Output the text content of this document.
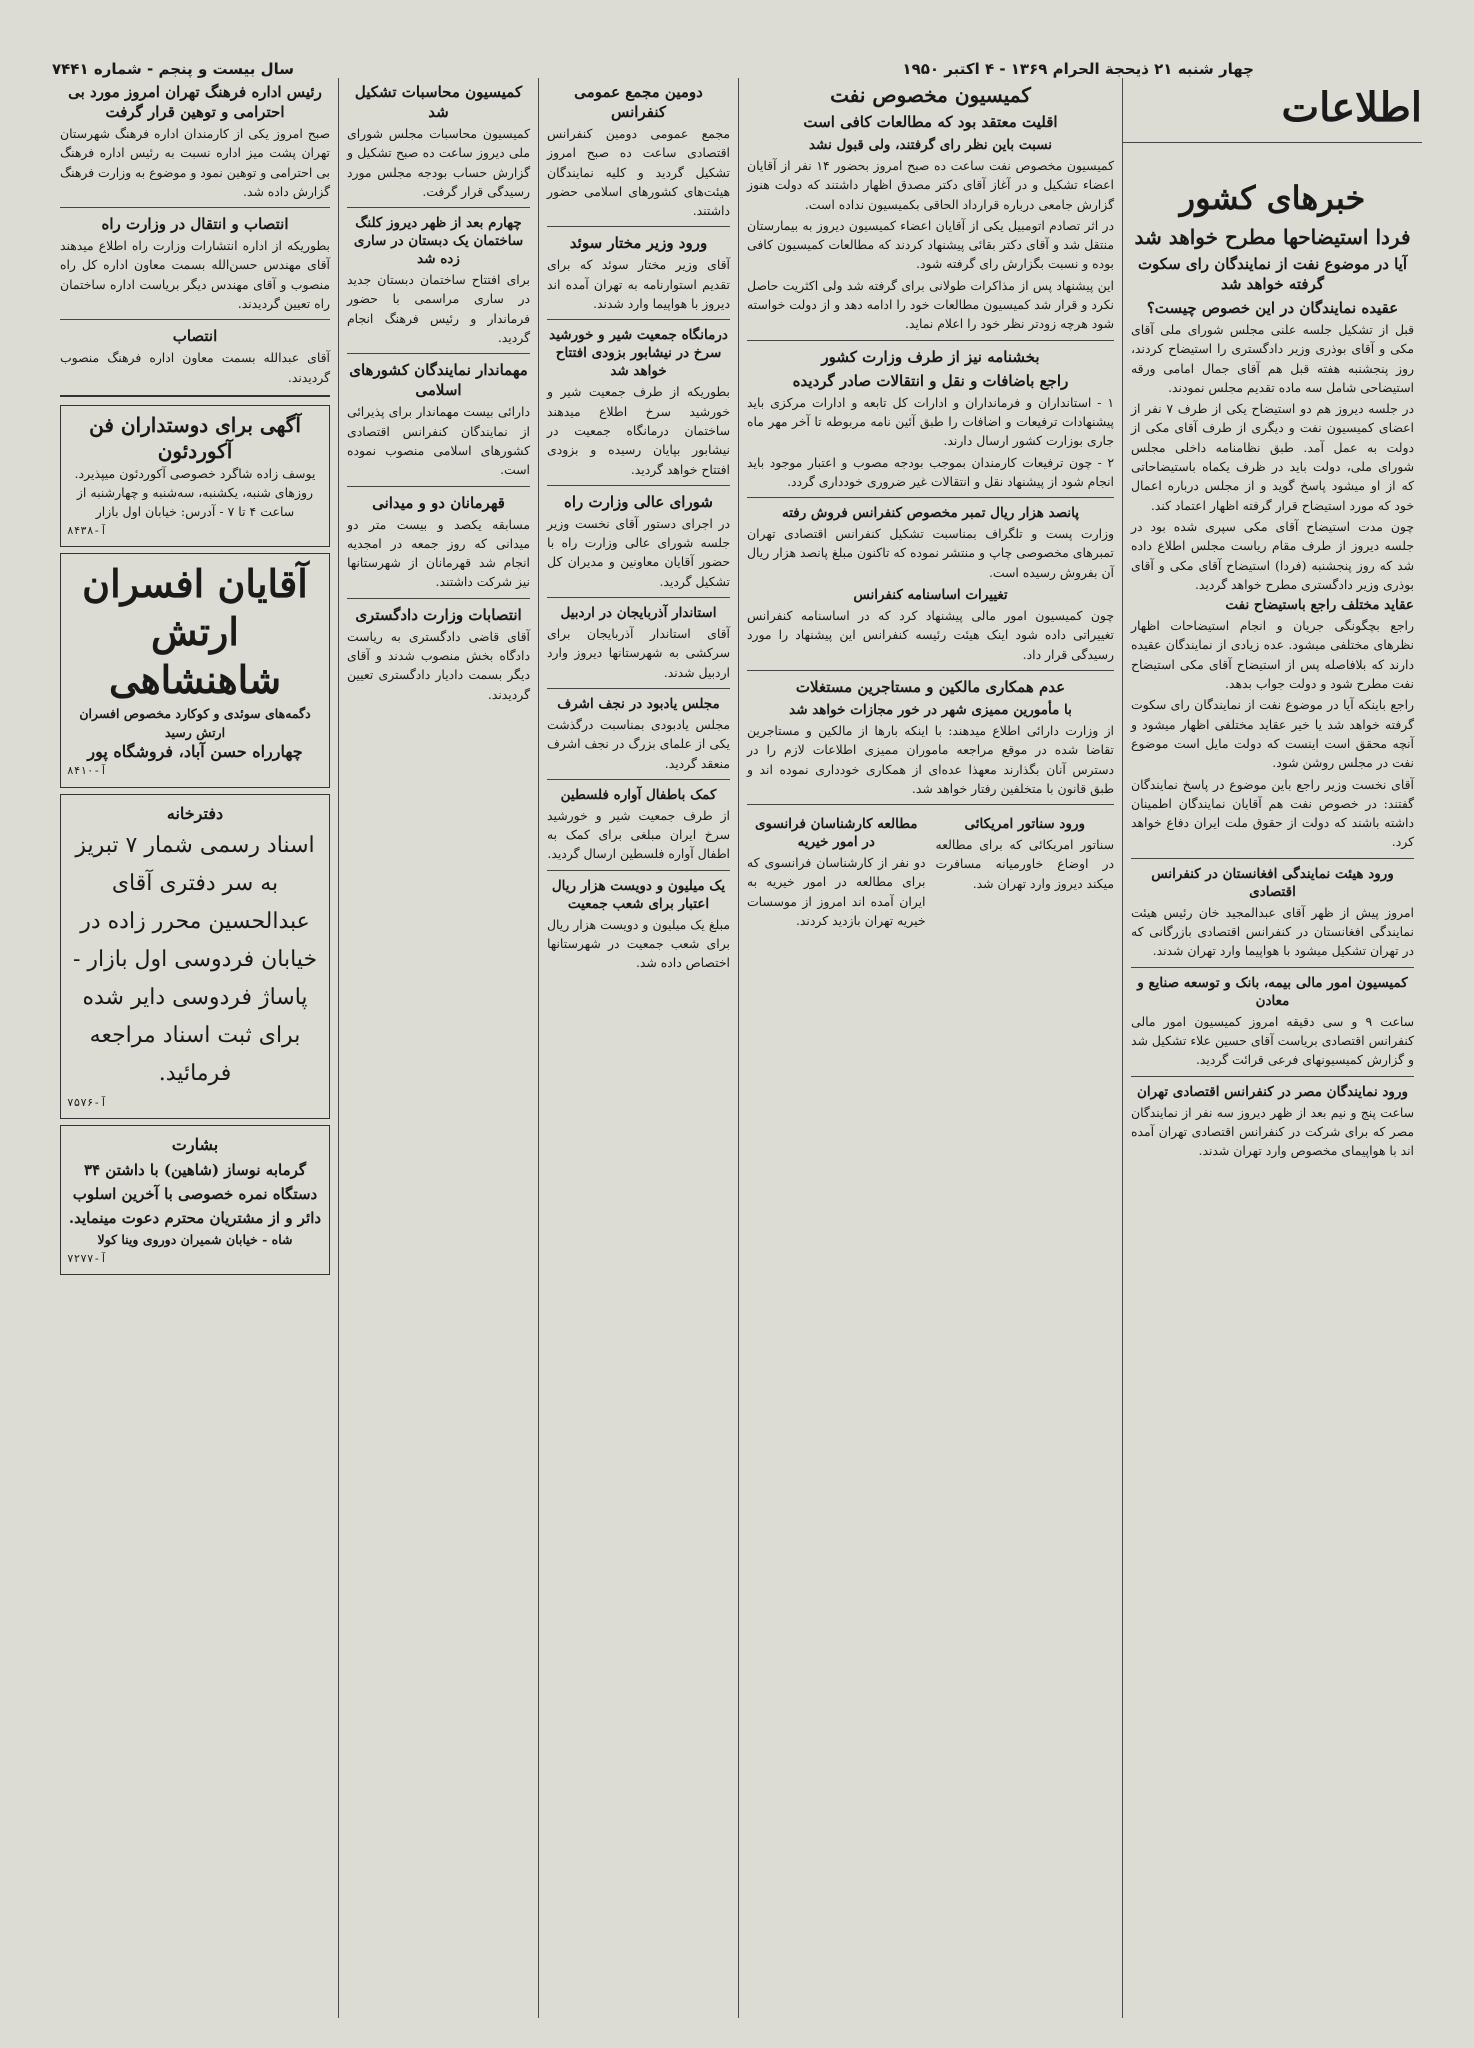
چهار شنبه ۲۱ ذیحجة الحرام ۱۳۶۹ - ۴ اکتبر ۱۹۵۰
سال بیست و پنجم - شماره ۷۴۴۱
اطلاعات
خبرهای کشور
فردا استیضاحها مطرح خواهد شد
آیا در موضوع نفت از نمایندگان رای سکوت گرفته خواهد شد
عقیده نمایندگان در این خصوص چیست؟

قبل از تشکیل جلسه علنی مجلس شورای ملی آقای مکی و آقای بوذری وزیر دادگستری را استیضاح کردند، روز پنجشنبه هفته قبل هم آقای جمال امامی ورقه استیضاحی شامل سه ماده تقدیم مجلس نمودند.

در جلسه دیروز هم دو استیضاح یکی از طرف ۷ نفر از اعضای کمیسیون نفت و دیگری از طرف آقای مکی از دولت به عمل آمد. طبق نظامنامه داخلی مجلس شورای ملی، دولت باید در ظرف یکماه باستیضاحاتی که از او میشود پاسخ گوید و از مجلس درباره اعمال خود که مورد استیضاح قرار گرفته اظهار اعتماد کند.

چون مدت استیضاح آقای مکی سپری شده بود در جلسه دیروز از طرف مقام ریاست مجلس اطلاع داده شد که روز پنجشنبه (فردا) استیضاح آقای مکی و آقای بوذری وزیر دادگستری مطرح خواهد گردید.

عقاید مختلف راجع باستیضاح نفت

راجع بچگونگی جریان و انجام استیضاحات اظهار نظرهای مختلفی میشود. عده زیادی از نمایندگان عقیده دارند که بلافاصله پس از استیضاح آقای مکی استیضاح نفت مطرح شود و دولت جواب بدهد.

راجع باینکه آیا در موضوع نفت از نمایندگان رای سکوت گرفته خواهد شد یا خیر عقاید مختلفی اظهار میشود و آنچه محقق است اینست که دولت مایل است موضوع نفت در مجلس روشن شود.

آقای نخست وزیر راجع باین موضوع در پاسخ نمایندگان گفتند: در خصوص نفت هم آقایان نمایندگان اطمینان داشته باشند که دولت از حقوق ملت ایران دفاع خواهد کرد.

ورود هیئت نمایندگی افغانستان در کنفرانس اقتصادی

امروز پیش از ظهر آقای عبدالمجید خان رئیس هیئت نمایندگی افغانستان در کنفرانس اقتصادی بازرگانی که در تهران تشکیل میشود با هواپیما وارد تهران شدند.

کمیسیون امور مالی بیمه، بانک و توسعه صنایع و معادن

ساعت ۹ و سی دقیقه امروز کمیسیون امور مالی کنفرانس اقتصادی بریاست آقای حسین علاء تشکیل شد و گزارش کمیسیونهای فرعی قرائت گردید.

ورود نمایندگان مصر در کنفرانس اقتصادی تهران

ساعت پنج و نیم بعد از ظهر دیروز سه نفر از نمایندگان مصر که برای شرکت در کنفرانس اقتصادی تهران آمده اند با هواپیمای مخصوص وارد تهران شدند.

کمیسیون مخصوص نفت
اقلیت معتقد بود که مطالعات کافی است
نسبت باین نظر رای گرفتند، ولی قبول نشد

کمیسیون مخصوص نفت ساعت ده صبح امروز بحضور ۱۴ نفر از آقایان اعضاء تشکیل و در آغاز آقای دکتر مصدق اظهار داشتند که دولت هنوز گزارش جامعی درباره قرارداد الحاقی بکمیسیون نداده است.

در اثر تصادم اتومبیل یکی از آقایان اعضاء کمیسیون دیروز به بیمارستان منتقل شد و آقای دکتر بقائی پیشنهاد کردند که مطالعات کمیسیون کافی بوده و نسبت بگزارش رای گرفته شود.

این پیشنهاد پس از مذاکرات طولانی برای گرفته شد ولی اکثریت حاصل نکرد و قرار شد کمیسیون مطالعات خود را ادامه دهد و از دولت خواسته شود هرچه زودتر نظر خود را اعلام نماید.

بخشنامه نیز از طرف وزارت کشور
راجع باضافات و نقل و انتقالات صادر گردیده

۱ - استانداران و فرمانداران و ادارات کل تابعه و ادارات مرکزی باید پیشنهادات ترفیعات و اضافات را طبق آئین نامه مربوطه تا آخر مهر ماه جاری بوزارت کشور ارسال دارند.

۲ - چون ترفیعات کارمندان بموجب بودجه مصوب و اعتبار موجود باید انجام شود از پیشنهاد نقل و انتقالات غیر ضروری خودداری گردد.

پانصد هزار ریال تمبر مخصوص کنفرانس فروش رفته

وزارت پست و تلگراف بمناسبت تشکیل کنفرانس اقتصادی تهران تمبرهای مخصوصی چاپ و منتشر نموده که تاکنون مبلغ پانصد هزار ریال آن بفروش رسیده است.

تغییرات اساسنامه کنفرانس

چون کمیسیون امور مالی پیشنهاد کرد که در اساسنامه کنفرانس تغییراتی داده شود اینک هیئت رئیسه کنفرانس این پیشنهاد را مورد رسیدگی قرار داد.

عدم همکاری مالکین و مستاجرین مستغلات
با مأمورین ممیزی شهر در خور مجازات خواهد شد

از وزارت دارائی اطلاع میدهند: با اینکه بارها از مالکین و مستاجرین تقاضا شده در موقع مراجعه ماموران ممیزی اطلاعات لازم را در دسترس آنان بگذارند معهذا عده‌ای از همکاری خودداری نموده اند و طبق قانون با متخلفین رفتار خواهد شد.

ورود سناتور امریکائی

سناتور امریکائی که برای مطالعه در اوضاع خاورمیانه مسافرت میکند دیروز وارد تهران شد.

مطالعه کارشناسان فرانسوی در امور خیریه

دو نفر از کارشناسان فرانسوی که برای مطالعه در امور خیریه به ایران آمده اند امروز از موسسات خیریه تهران بازدید کردند.

دومین مجمع عمومی کنفرانس

مجمع عمومی دومین کنفرانس اقتصادی ساعت ده صبح امروز تشکیل گردید و کلیه نمایندگان هیئت‌های کشورهای اسلامی حضور داشتند.

ورود وزیر مختار سوئد

آقای وزیر مختار سوئد که برای تقدیم استوارنامه به تهران آمده اند دیروز با هواپیما وارد شدند.

درمانگاه جمعیت شیر و خورشید سرخ در نیشابور بزودی افتتاح خواهد شد

بطوریکه از طرف جمعیت شیر و خورشید سرخ اطلاع میدهند ساختمان درمانگاه جمعیت در نیشابور بپایان رسیده و بزودی افتتاح خواهد گردید.

شورای عالی وزارت راه

در اجرای دستور آقای نخست وزیر جلسه شورای عالی وزارت راه با حضور آقایان معاونین و مدیران کل تشکیل گردید.

استاندار آذربایجان در اردبیل

آقای استاندار آذربایجان برای سرکشی به شهرستانها دیروز وارد اردبیل شدند.

مجلس یادبود در نجف اشرف

مجلس یادبودی بمناسبت درگذشت یکی از علمای بزرگ در نجف اشرف منعقد گردید.

کمک باطفال آواره فلسطین

از طرف جمعیت شیر و خورشید سرخ ایران مبلغی برای کمک به اطفال آواره فلسطین ارسال گردید.

یک میلیون و دویست هزار ریال اعتبار برای شعب جمعیت

مبلغ یک میلیون و دویست هزار ریال برای شعب جمعیت در شهرستانها اختصاص داده شد.

کمیسیون محاسبات تشکیل شد

کمیسیون محاسبات مجلس شورای ملی دیروز ساعت ده صبح تشکیل و گزارش حساب بودجه مجلس مورد رسیدگی قرار گرفت.

چهارم بعد از ظهر دیروز کلنگ ساختمان یک دبستان در ساری زده شد

برای افتتاح ساختمان دبستان جدید در ساری مراسمی با حضور فرماندار و رئیس فرهنگ انجام گردید.

مهماندار نمایندگان کشورهای اسلامی

دارائی بیست مهماندار برای پذیرائی از نمایندگان کنفرانس اقتصادی کشورهای اسلامی منصوب نموده است.

قهرمانان دو و میدانی

مسابقه یکصد و بیست متر دو میدانی که روز جمعه در امجدیه انجام شد قهرمانان از شهرستانها نیز شرکت داشتند.

انتصابات وزارت دادگستری

آقای قاضی دادگستری به ریاست دادگاه بخش منصوب شدند و آقای دیگر بسمت دادیار دادگستری تعیین گردیدند.

رئیس اداره فرهنگ تهران امروز مورد بی احترامی و توهین قرار گرفت

صبح امروز یکی از کارمندان اداره فرهنگ شهرستان تهران پشت میز اداره نسبت به رئیس اداره فرهنگ بی احترامی و توهین نمود و موضوع به وزارت فرهنگ گزارش داده شد.

انتصاب و انتقال در وزارت راه

بطوریکه از اداره انتشارات وزارت راه اطلاع میدهند آقای مهندس حسن‌الله بسمت معاون اداره کل راه منصوب و آقای مهندس دیگر بریاست اداره ساختمان راه تعیین گردیدند.

انتصاب

آقای عبدالله بسمت معاون اداره فرهنگ منصوب گردیدند.

آگهی برای دوستداران فن آکوردئون
یوسف زاده شاگرد خصوصی آکوردئون میپذیرد. روزهای شنبه، یکشنبه، سه‌شنبه و چهارشنبه از ساعت ۴ تا ۷ - آدرس: خیابان اول بازار
۸۴۳۸-آ
آقایان افسران ارتش شاهنشاهی
دگمه‌های سوئدی و کوکارد مخصوص افسران ارتش رسید
چهارراه حسن آباد، فروشگاه پور
۸۴۱۰-آ
دفترخانه
اسناد رسمی شمار ۷ تبریز به سر دفتری آقای عبدالحسین محرر زاده در خیابان فردوسی اول بازار - پاساژ فردوسی دایر شده برای ثبت اسناد مراجعه فرمائید.
۷۵۷۶-آ
بشارت
گرمابه نوساز (شاهین) با داشتن ۳۴ دستگاه نمره خصوصی با آخرین اسلوب دائر و از مشتریان محترم دعوت مینماید.
شاه - خیابان شمیران دوروی وینا کولا
۷۲۷۷-آ
